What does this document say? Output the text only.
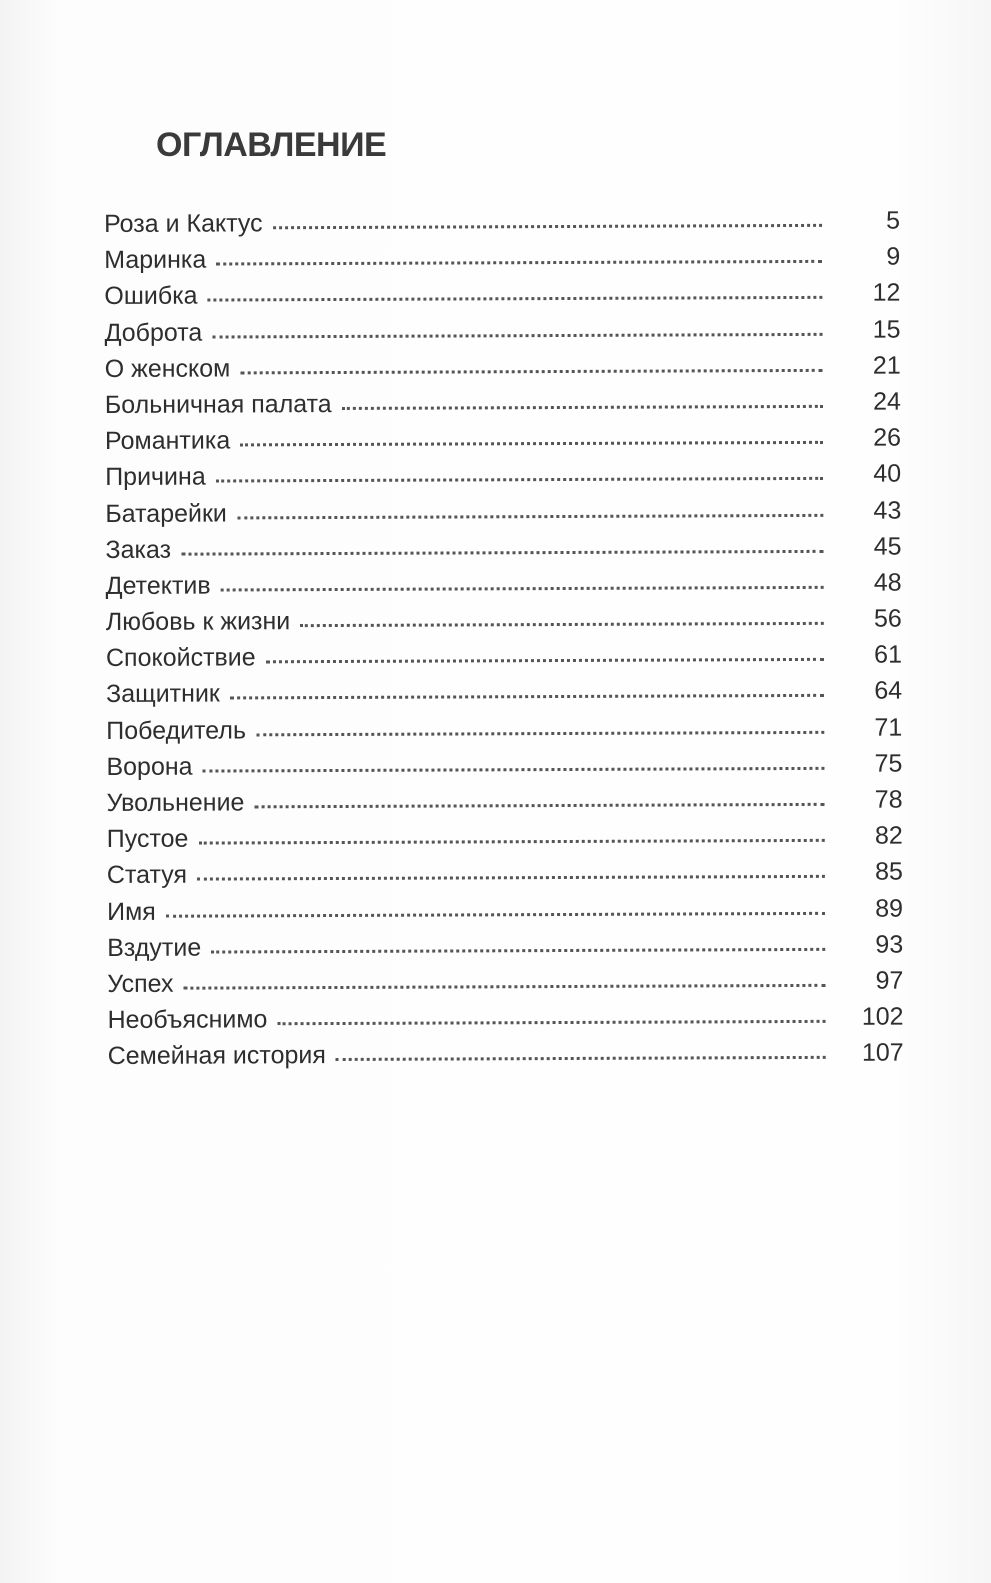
ОГЛАВЛЕНИЕ
Роза и Кактус	5
Маринка	9
Ошибка	12
Доброта	15
О женском	21
Больничная палата	24
Романтика	26
Причина	40
Батарейки	43
Заказ	45
Детектив	48
Любовь к жизни	56
Спокойствие	61
Защитник	64
Победитель	71
Ворона	75
Увольнение	78
Пустое	82
Статуя	85
Имя	89
Вздутие	93
Успех	97
Необъяснимо	102
Семейная история	107
